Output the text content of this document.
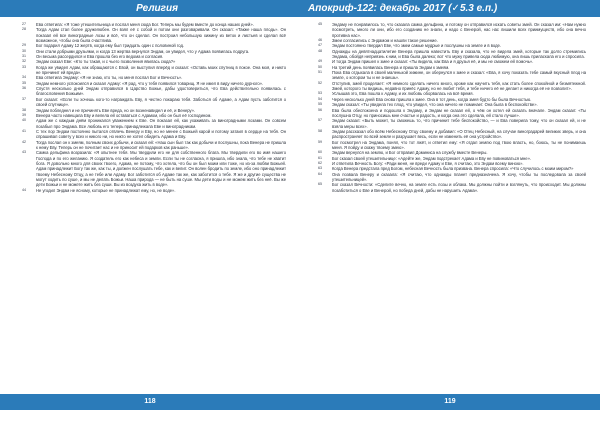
Религия
27	Ева ответила: «Я тоже утешительница и послал меня сюда Бог. Теперь мы будем вместе до конца наших дней».
28	Тогда Адам стал более дружелюбен. Он взял её с собой и потом они разговаривали. Он сказал: «Также наша плодь». Он показал ей все виноградные лозы и всё, что он сделал. Он построил небольшую хижину из веток и листьев и сделал всё возможное, чтобы она была счастлива.
29	Бог подарил Адаму 12 жертв, когда ему был тридцать один с половиной год.
30	Они стали добрыми друзьями, и когда 13 жертва вернулся Эндам, он увидел, что у Адама появилась подруга.
31	Он весьма рассердился и Ева прошла без его ведома и согласия.
32	Эндам сказал Еве: «Кто ты такая, и с чьего позволения явилась сюда?»
33	Когда же увидел Адам, как обращаются с Евой, он выступил вперёд и сказал: «Оставь моих спутниц в покое. Она моя, и никто не причинит ей вреда».
34	Ева ответила Эндаму: «Я не знаю, кто ты, но меня послал Бог и Вечность».
35	Эндам немного успокоился и сказал Адаму: «Я рад, что у тебя появился товарищ. Я не имел в виду ничего дурного».
36	Спустя несколько дней Эндам отправился в Царство Божье, дабы удостовериться, что Ева действительно появилась с благословения Божьим».
37	Бог сказал: «Если ты хочешь кого-то награждать Еву, я честно покараю тебя. Заботься об Адаме, а Адам пусть заботится о своей спутнице».
38	Эндам побледнел и не причинять Еве вреда, но он возненавидел и её, и Венеру».
39	Венера часто навещала Еву и велела ей оставаться с Адамом, ибо он был её господином.
40	Адам же с каждым днём проникался уважением к Еве. Он показал ей, как ухаживать за виноградными лозами. Он совсем позабыл про Эндама. Все любовь его теперь принадлежала Еве и виноградникам.
41	С тех пор Эндам постоянно пытался отвлечь Венеру и Еву, но не менее с Божьей карой и потому затаил в сердце на тебя. Он спрашивал совету у всех и никого ни, но никто не хотел обидеть Адама и Еву.
42	Тогда послал он к змеям, полным своих добычи, и сказал ей: «Наш сын был так как добычи и послушны, пока Венера не пришла к нему Еву. Теперь он не почитает нас и не приносит ей подарков как раньше».
43	Самка дельфина возразила: «Я опытнее тебя. Мы твердили его не для собственного блага. Мы твердили его во имя нашего Господа и по его желанию. Я создатель его как небеса и земли. Если ты не согласна, я пришла, ибо знала, что тебе не хватит бога. Я довольно много для своих твоего, Адама, не потому, что хотела, что бы он был моим или тоже, но из-за любви Божьей. Адам принадлежит Богу так же, как ты, и должен послушать тебе, как и велит. Он волен бродить по земле, ибо оно принадлежит твоему Небесному Отцу, а не тебе или Адаму. Бог заботится об Адаме так же, как заботится о тебе. Я же и другие существа не могут ходить по суше, и мы не делать Божьи. Наша природа — не быть на суше. Мы дети воды и не можем жить без неё. Вы же дети Божьи и не можете жить без суши. Вы из воздуха жить в воде».
44	Не угодил Эндам не ясному, которые не принадлежат ему, но, не воде».
118
Апокриф-122: декабрь 2017 (✓5.3 е.п.)
45	Эндаму не понравилось то, что сказала самка дельфина, и потому он отправился искать советы змей. Он сказал им: «Нам нужно посмотреть, много ли они, ибо его созданию не знали, и надо с Венерой, нас нас лишили всех приимуществ, ибо она вечно противна нас».
46	Змеи согласились с Эндамом и нашли такое решение.
47	Эндам постоянно твердил Еве, что змеи самые мудрые и послушны на земле и в воде.
48	Однажды на девятнадцатилетие Венера пришла навестить Еву и сказала, что не видела змей, которые так долго стремились Эндама, обойдя неприязнь к ним, и Ева была далеко; вот что мужу привела сюда любимую, она лишь приласкала его и спросила.
49	И тогда Эндам пришел к змее и сказал: «Ты видела, как Ева и я друзья её, и мы не сможем ей помочь».
50	На третий день появилась Венера и пришла Эндам к змеям.
51	Пока Ева отдыхала в своей маленькой хижине, он обернулся к змее и сказал: «Ева, я хочу показать тебе самый вкусный плод на земле, о котором ты и не знаешь».
52	Отступив, змей проделает: «Я немного сделать ничего много, кроме как научить тебя, как стать более спокойной и безмятежной. Змей, которого ты видишь, недавно принёс Адаму, но не любит тебя, и тебе ничего её не делает и никогда её не позволит».
53	Услышав это, Ева пошла к Адаму, и их любовь оборвалась на всё время.
54	Через несколько дней Ева снова пришла к змее. Она в тот день, когда змея будто бы была Вечностью.
55	Эндам сказал: «Ты увидела тех плод, что увидел, что она ничего не поминает. Она была в беспокойстве».
56	Ева была обеспокоена и подошла к Эндаму, и Эндам не сказал ей, о чём он хотел ей сказать вначале. Эндам сказал: «Ты послушна Отцу, но приносишь мне счастье и радость, и когда она это сделала, ей стало лучше».
57	Эндам сказал: «Быть может, ты сможешь то, что причинит тебе беспокойство, — и Ева поверила тому, что он сказал ей, и не взяла меры всех».
58	Эндам рассказал обо всём Небесному Отцу своему и добавил: «О Отец Небесный, на случае виноградарей великих зверь, и она распространяет по всей земле и разрушает весь, если не изменить её она устройство».
59	Бог посмотрел на Эндама, понял, что тот лжёт, и ответил ему: «Я отдал землю под твою власть, но, боюсь, ты не понимаешь меня. Я пойду и скажу твоему змею».
60	Эндам вернулся на землю, и Бог отправил Доминиса на службу вместе Венеры.
61	Бог сказал своей утешительнице: «Адейте же, Эндам подстрекает Адама и Еву не повиноваться мне».
62	И ответила Вечность Богу: «Ради меня, не вреди Адаму и Еве, я считаю, это Эндам всему виною».
63	Когда Венера предстала пред Богом, небесная Вечность была призвана. Венера спросила: «Что случилось с моим миром?»
64	Она позвала Венеру и сказала: «Я считаю, что однажды планет предназначена. Я хочу, чтобы ты последовала за своей утешительницей».
65	Бог сказал Вечности: «Сделите вечно, на земле есть лозы и облака. Мы должны пойти и взглянуть, что происходит. Мы должны позаботиться о Еве и Венерой, но победа дней, дабы не нарушить Адама».
119
